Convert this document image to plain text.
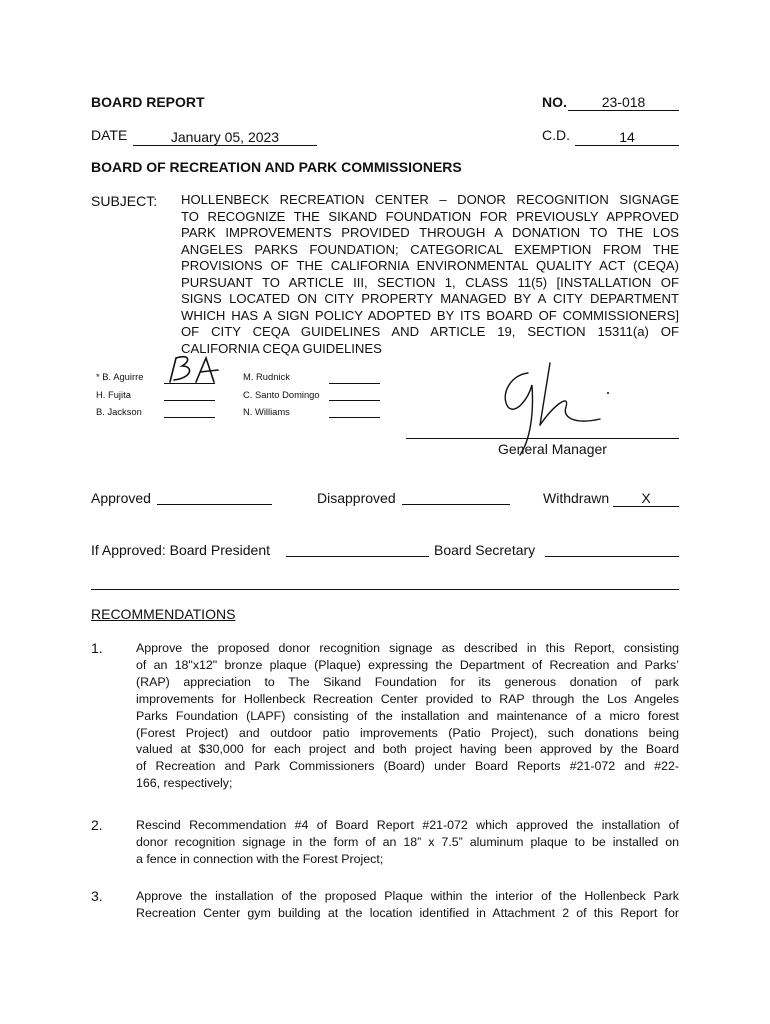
BOARD REPORT	NO.	23-018
DATE	January 05, 2023	C.D.	14
BOARD OF RECREATION AND PARK COMMISSIONERS
SUBJECT: HOLLENBECK RECREATION CENTER – DONOR RECOGNITION SIGNAGE
TO RECOGNIZE THE SIKAND FOUNDATION FOR PREVIOUSLY APPROVED
PARK IMPROVEMENTS PROVIDED THROUGH A DONATION TO THE LOS
ANGELES PARKS FOUNDATION; CATEGORICAL EXEMPTION FROM THE
PROVISIONS OF THE CALIFORNIA ENVIRONMENTAL QUALITY ACT (CEQA)
PURSUANT TO ARTICLE III, SECTION 1, CLASS 11(5) [INSTALLATION OF
SIGNS LOCATED ON CITY PROPERTY MANAGED BY A CITY DEPARTMENT
WHICH HAS A SIGN POLICY ADOPTED BY ITS BOARD OF COMMISSIONERS]
OF CITY CEQA GUIDELINES AND ARTICLE 19, SECTION 15311(a) OF
CALIFORNIA CEQA GUIDELINES
* B. Aguirre
H. Fujita
B. Jackson
M. Rudnick
C. Santo Domingo
N. Williams
General Manager
Approved	Disapproved	Withdrawn	X
If Approved: Board President	Board Secretary
RECOMMENDATIONS
1.	Approve the proposed donor recognition signage as described in this Report, consisting
of an 18"x12" bronze plaque (Plaque) expressing the Department of Recreation and Parks’
(RAP) appreciation to The Sikand Foundation for its generous donation of park
improvements for Hollenbeck Recreation Center provided to RAP through the Los Angeles
Parks Foundation (LAPF) consisting of the installation and maintenance of a micro forest
(Forest Project) and outdoor patio improvements (Patio Project), such donations being
valued at $30,000 for each project and both project having been approved by the Board
of Recreation and Park Commissioners (Board) under Board Reports #21-072 and #22-
166, respectively;
2.	Rescind Recommendation #4 of Board Report #21-072 which approved the installation of
donor recognition signage in the form of an 18” x 7.5” aluminum plaque to be installed on
a fence in connection with the Forest Project;
3.	Approve the installation of the proposed Plaque within the interior of the Hollenbeck Park
Recreation Center gym building at the location identified in Attachment 2 of this Report for
